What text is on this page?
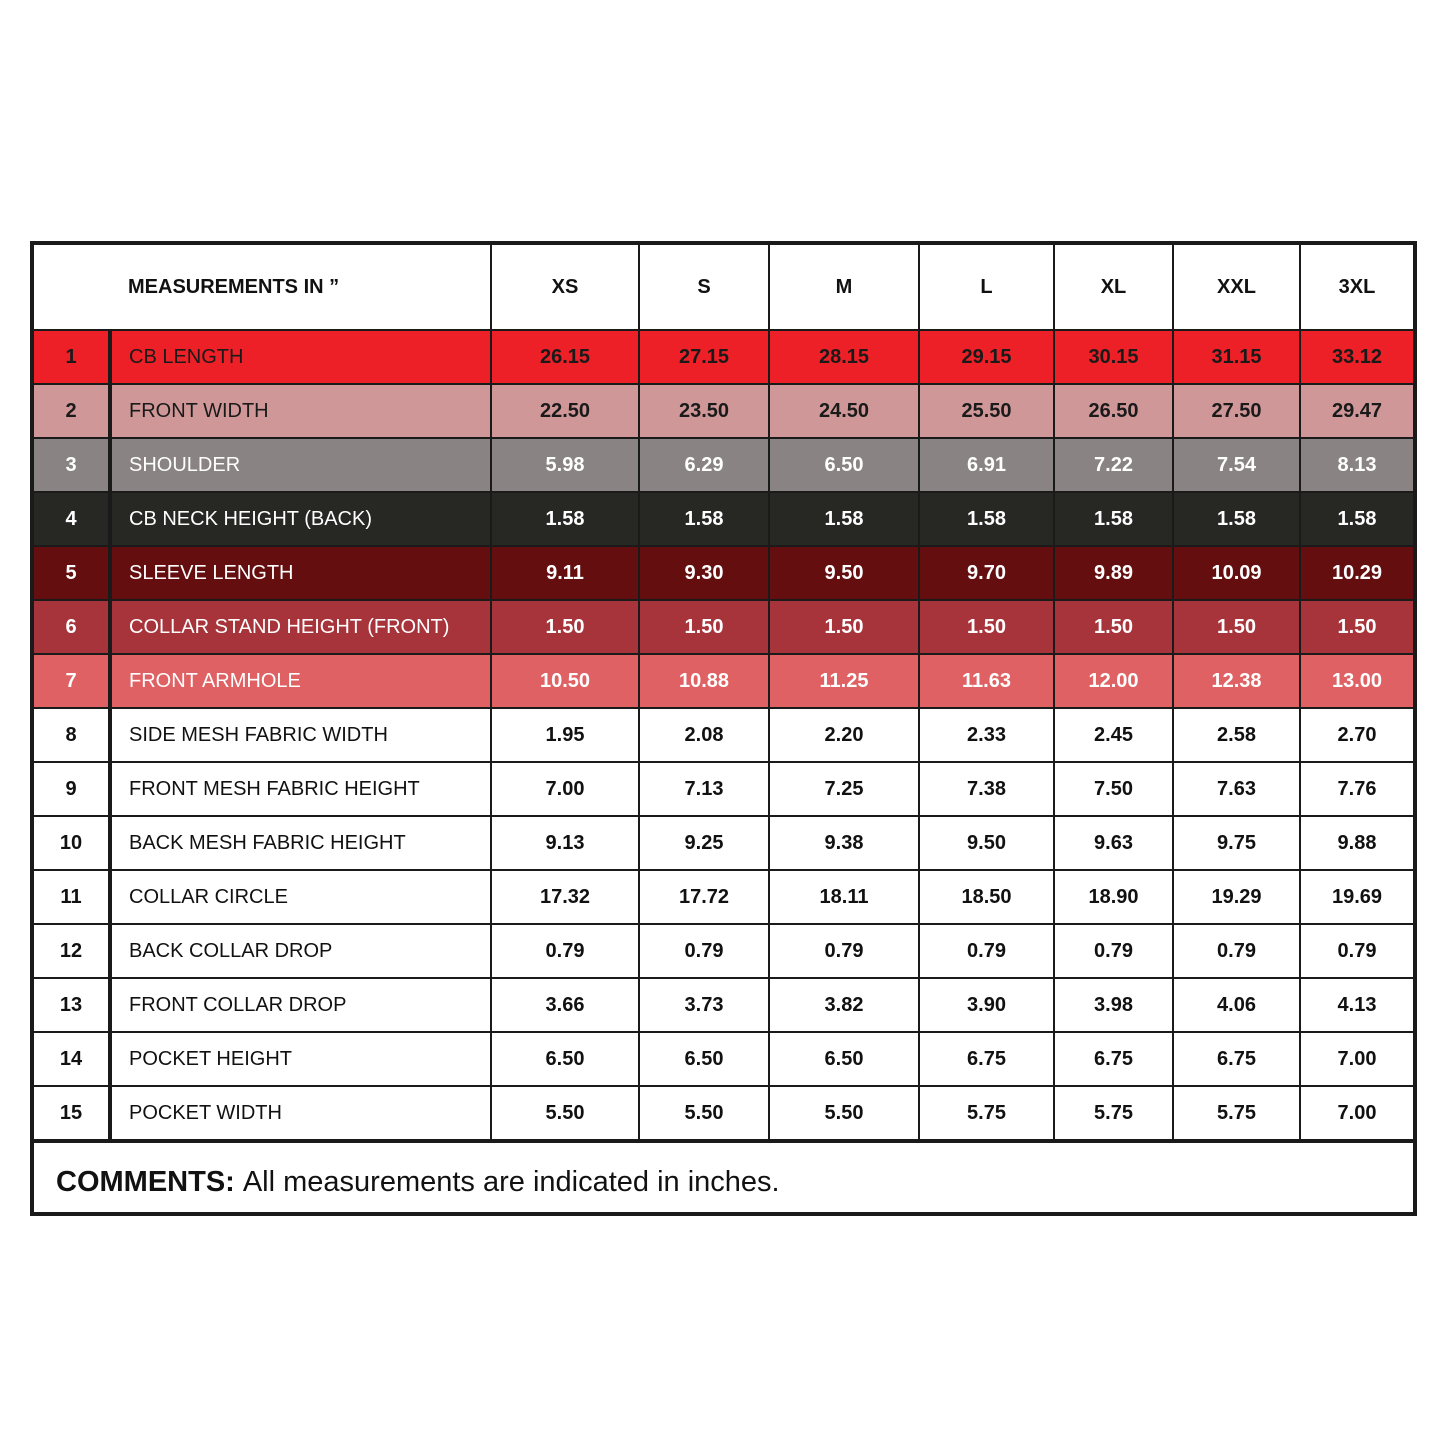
MEASUREMENTS IN ”		XS	S	M	L	XL	XXL	3XL
1	CB LENGTH	26.15	27.15	28.15	29.15	30.15	31.15	33.12
2	FRONT WIDTH	22.50	23.50	24.50	25.50	26.50	27.50	29.47
3	SHOULDER	5.98	6.29	6.50	6.91	7.22	7.54	8.13
4	CB NECK HEIGHT (BACK)	1.58	1.58	1.58	1.58	1.58	1.58	1.58
5	SLEEVE LENGTH	9.11	9.30	9.50	9.70	9.89	10.09	10.29
6	COLLAR STAND HEIGHT (FRONT)	1.50	1.50	1.50	1.50	1.50	1.50	1.50
7	FRONT ARMHOLE	10.50	10.88	11.25	11.63	12.00	12.38	13.00
8	SIDE MESH FABRIC WIDTH	1.95	2.08	2.20	2.33	2.45	2.58	2.70
9	FRONT MESH FABRIC HEIGHT	7.00	7.13	7.25	7.38	7.50	7.63	7.76
10	BACK MESH FABRIC HEIGHT	9.13	9.25	9.38	9.50	9.63	9.75	9.88
11	COLLAR CIRCLE	17.32	17.72	18.11	18.50	18.90	19.29	19.69
12	BACK COLLAR DROP	0.79	0.79	0.79	0.79	0.79	0.79	0.79
13	FRONT COLLAR DROP	3.66	3.73	3.82	3.90	3.98	4.06	4.13
14	POCKET HEIGHT	6.50	6.50	6.50	6.75	6.75	6.75	7.00
15	POCKET WIDTH	5.50	5.50	5.50	5.75	5.75	5.75	7.00
COMMENTS: All measurements are indicated in inches.
